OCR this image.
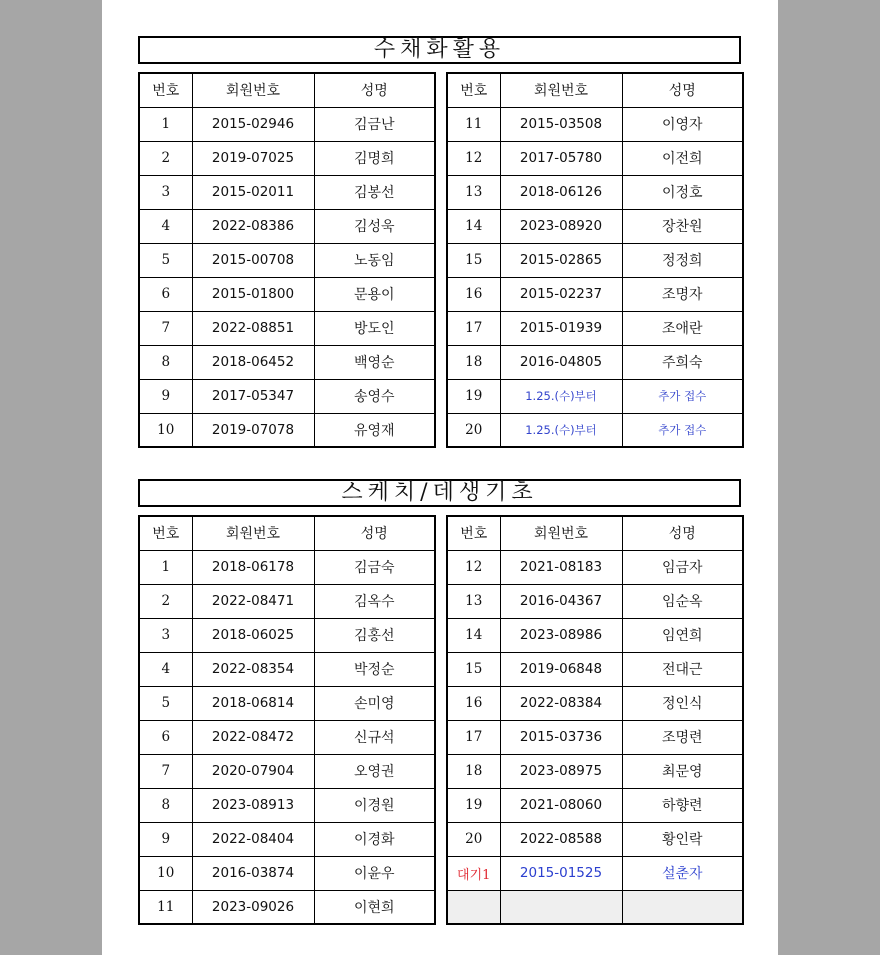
수채화활용
번호	회원번호	성명
1	2015-02946	김금난
2	2019-07025	김명희
3	2015-02011	김봉선
4	2022-08386	김성욱
5	2015-00708	노동임
6	2015-01800	문용이
7	2022-08851	방도인
8	2018-06452	백영순
9	2017-05347	송영수
10	2019-07078	유영재
번호	회원번호	성명
11	2015-03508	이영자
12	2017-05780	이전희
13	2018-06126	이정호
14	2023-08920	장찬원
15	2015-02865	정정희
16	2015-02237	조명자
17	2015-01939	조애란
18	2016-04805	주희숙
19	1.25.(수)부터	추가 접수
20	1.25.(수)부터	추가 접수
스케치/데생기초
번호	회원번호	성명
1	2018-06178	김금숙
2	2022-08471	김옥수
3	2018-06025	김홍선
4	2022-08354	박정순
5	2018-06814	손미영
6	2022-08472	신규석
7	2020-07904	오영권
8	2023-08913	이경원
9	2022-08404	이경화
10	2016-03874	이윤우
11	2023-09026	이현희
번호	회원번호	성명
12	2021-08183	임금자
13	2016-04367	임순옥
14	2023-08986	임연희
15	2019-06848	전대근
16	2022-08384	정인식
17	2015-03736	조명련
18	2023-08975	최문영
19	2021-08060	하향련
20	2022-08588	황인락
대기1	2015-01525	설춘자
